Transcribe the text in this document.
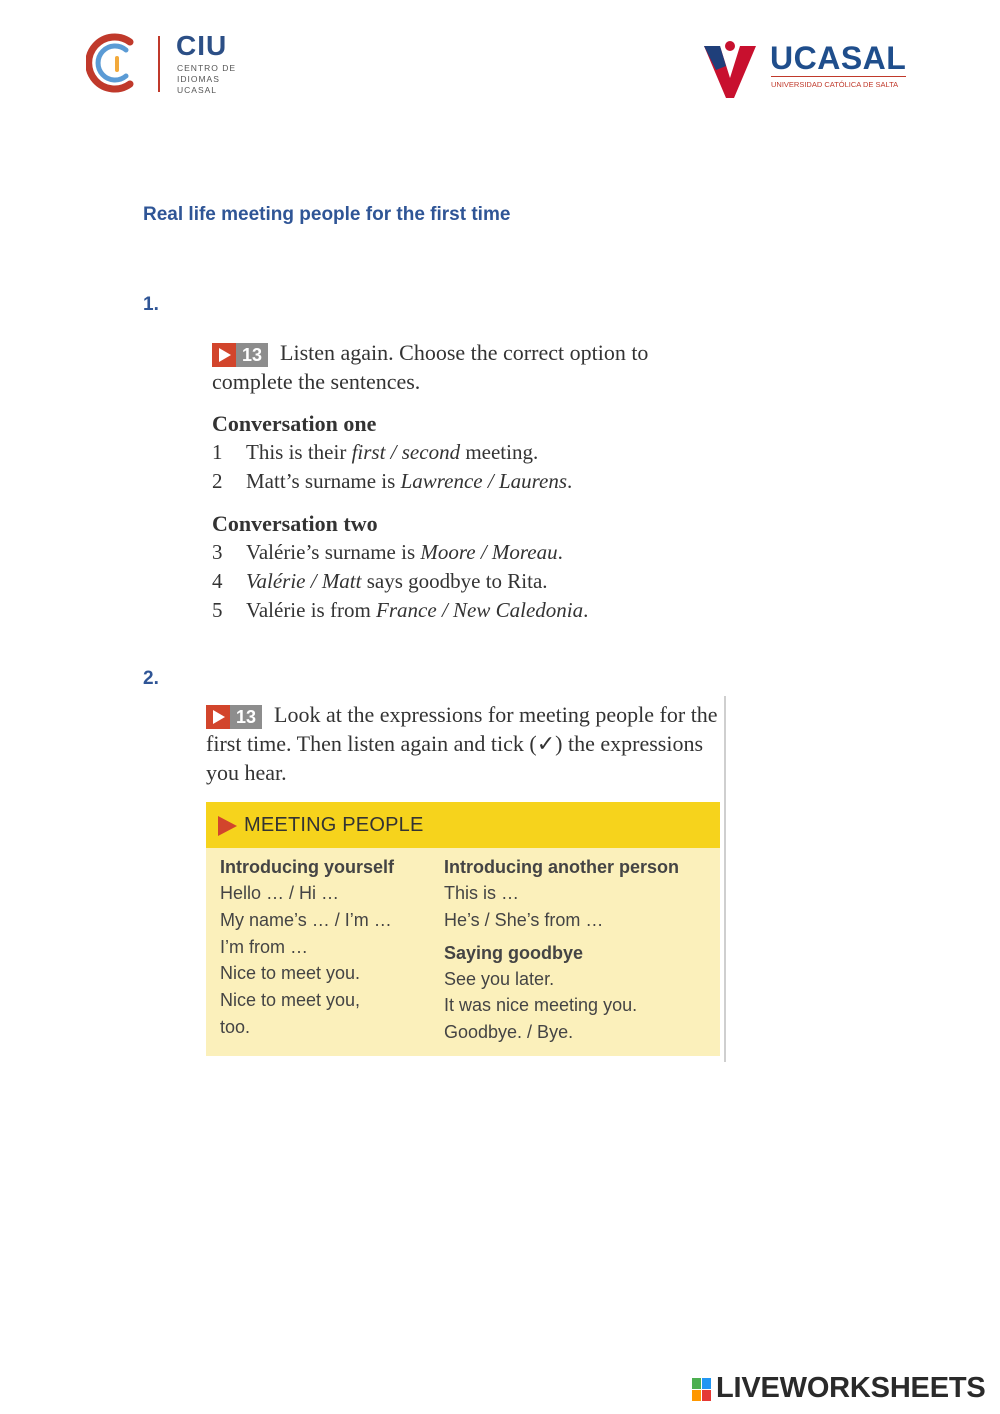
CIU
CENTRO DE
IDIOMAS
UCASAL
UCASAL
UNIVERSIDAD CATÓLICA DE SALTA
Real life meeting people for the first time
1.
13 Listen again. Choose the correct option to complete the sentences.
Conversation one
1	This is their first / second meeting.
2	Matt’s surname is Lawrence / Laurens.
Conversation two
3	Valérie’s surname is Moore / Moreau.
4	Valérie / Matt says goodbye to Rita.
5	Valérie is from France / New Caledonia.
2.
13 Look at the expressions for meeting people for the first time. Then listen again and tick (✓) the expressions you hear.
MEETING PEOPLE
Introducing yourself
Hello … / Hi …
My name’s … / I’m …
I’m from …
Nice to meet you.
Nice to meet you,
too.
Introducing another person
This is …
He’s / She’s from …
Saying goodbye
See you later.
It was nice meeting you.
Goodbye. / Bye.
LIVEWORKSHEETS
